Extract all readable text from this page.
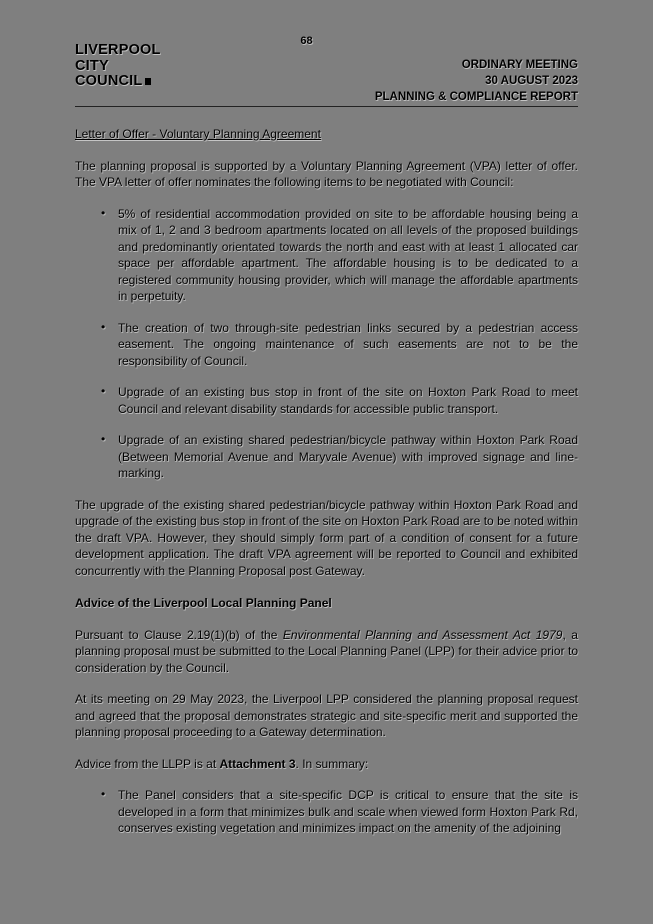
68
LIVERPOOL
CITY
COUNCIL
ORDINARY MEETING
30 AUGUST 2023
PLANNING & COMPLIANCE REPORT

Letter of Offer - Voluntary Planning Agreement

The planning proposal is supported by a Voluntary Planning Agreement (VPA) letter of offer. The VPA letter of offer nominates the following items to be negotiated with Council:

• 5% of residential accommodation provided on site to be affordable housing being a mix of 1, 2 and 3 bedroom apartments located on all levels of the proposed buildings and predominantly orientated towards the north and east with at least 1 allocated car space per affordable apartment. The affordable housing is to be dedicated to a registered community housing provider, which will manage the affordable apartments in perpetuity.
• The creation of two through-site pedestrian links secured by a pedestrian access easement. The ongoing maintenance of such easements are not to be the responsibility of Council.
• Upgrade of an existing bus stop in front of the site on Hoxton Park Road to meet Council and relevant disability standards for accessible public transport.
• Upgrade of an existing shared pedestrian/bicycle pathway within Hoxton Park Road (Between Memorial Avenue and Maryvale Avenue) with improved signage and line-marking.

The upgrade of the existing shared pedestrian/bicycle pathway within Hoxton Park Road and upgrade of the existing bus stop in front of the site on Hoxton Park Road are to be noted within the draft VPA. However, they should simply form part of a condition of consent for a future development application. The draft VPA agreement will be reported to Council and exhibited concurrently with the Planning Proposal post Gateway.

Advice of the Liverpool Local Planning Panel

Pursuant to Clause 2.19(1)(b) of the Environmental Planning and Assessment Act 1979, a planning proposal must be submitted to the Local Planning Panel (LPP) for their advice prior to consideration by the Council.

At its meeting on 29 May 2023, the Liverpool LPP considered the planning proposal request and agreed that the proposal demonstrates strategic and site-specific merit and supported the planning proposal proceeding to a Gateway determination.

Advice from the LLPP is at Attachment 3. In summary:

• The Panel considers that a site-specific DCP is critical to ensure that the site is developed in a form that minimizes bulk and scale when viewed form Hoxton Park Rd, conserves existing vegetation and minimizes impact on the amenity of the adjoining
